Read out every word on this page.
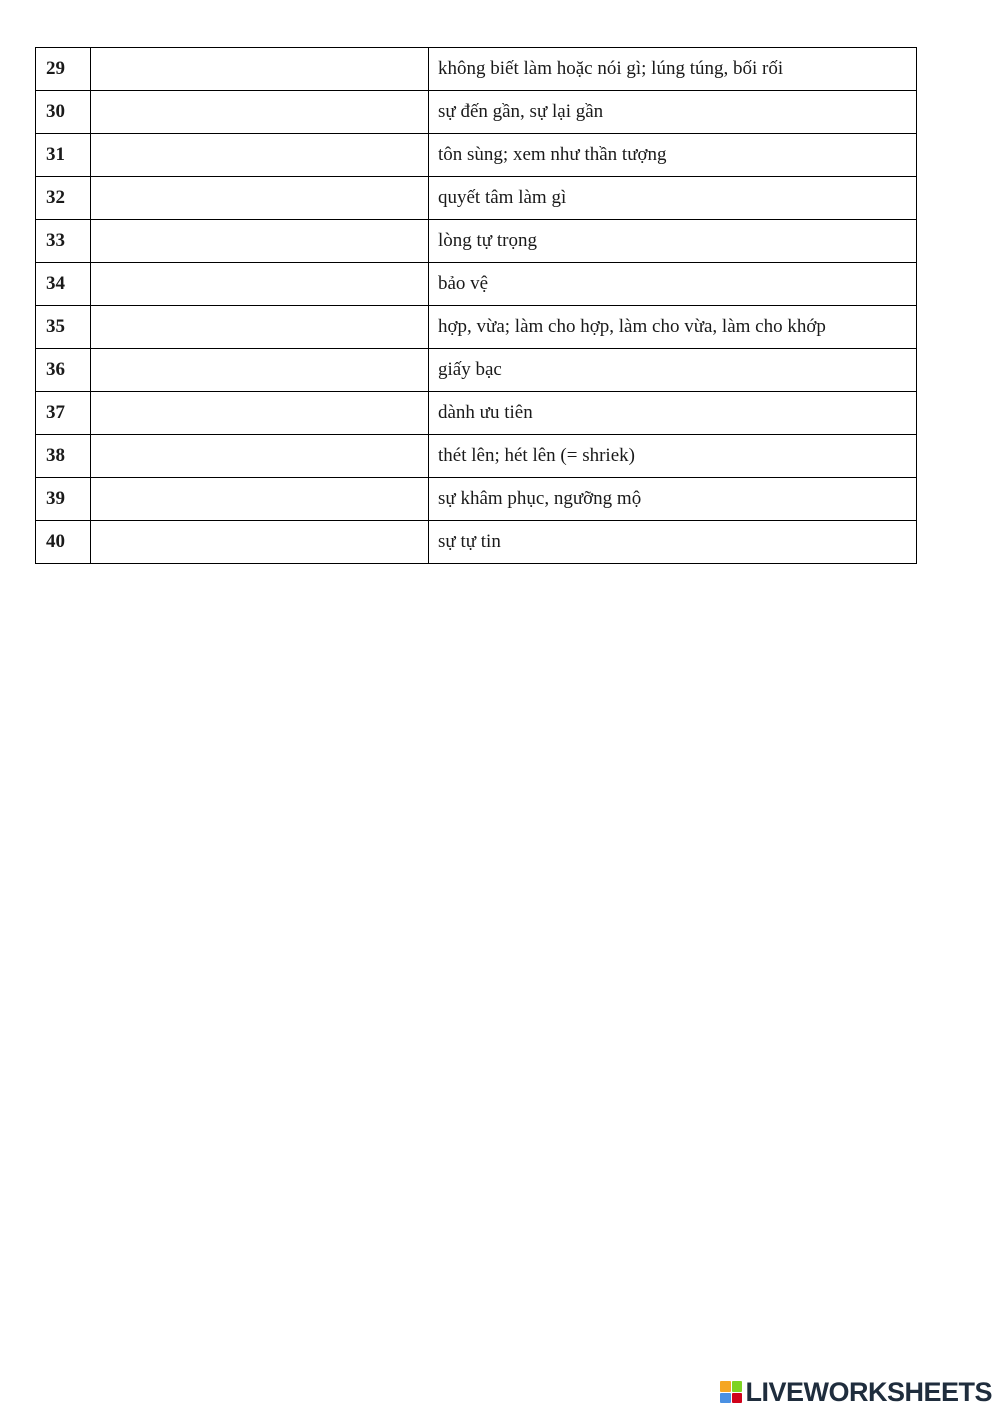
29		không biết làm hoặc nói gì; lúng túng, bối rối
30		sự đến gần, sự lại gần
31		tôn sùng; xem như thần tượng
32		quyết tâm làm gì
33		lòng tự trọng
34		bảo vệ
35		hợp, vừa; làm cho hợp, làm cho vừa, làm cho khớp
36		giấy bạc
37		dành ưu tiên
38		thét lên; hét lên (= shriek)
39		sự khâm phục, ngưỡng mộ
40		sự tự tin
LIVEWORKSHEETS
